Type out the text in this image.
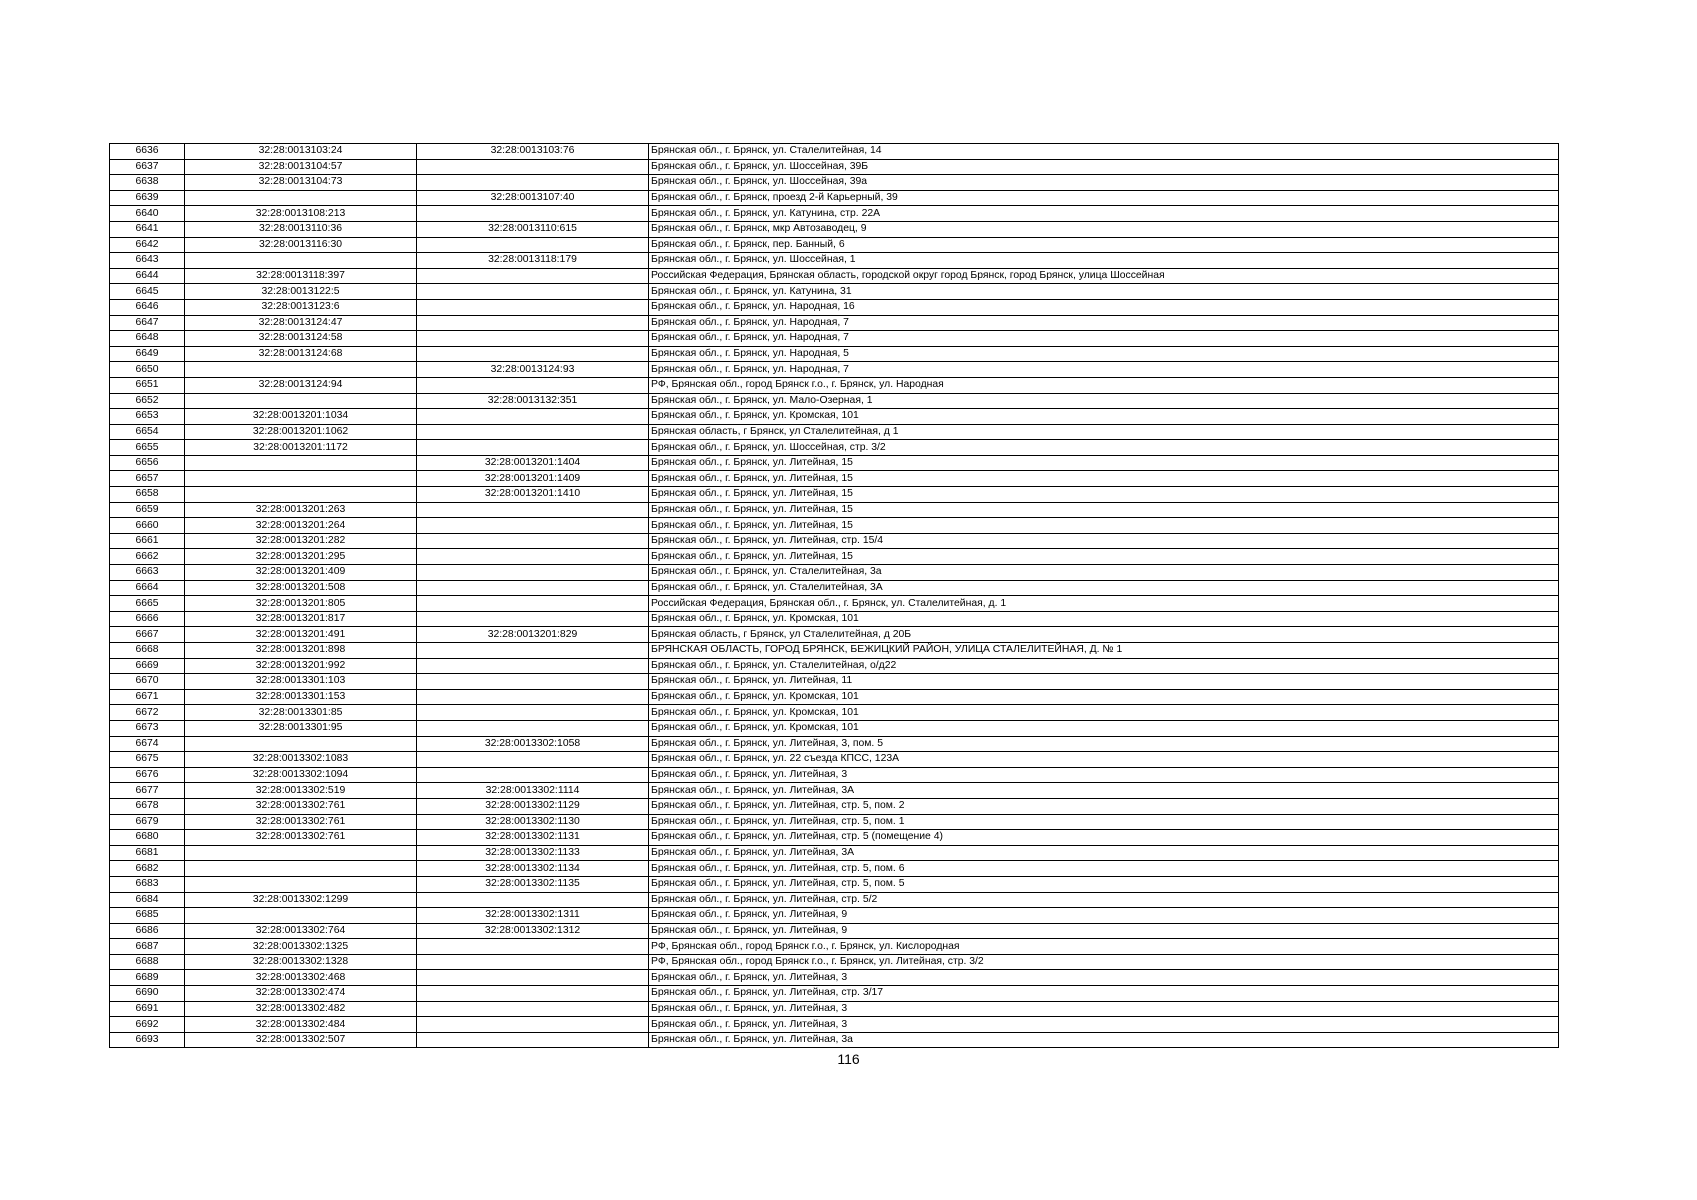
6636	32:28:0013103:24	32:28:0013103:76	Брянская обл., г. Брянск, ул. Сталелитейная, 14
6637	32:28:0013104:57		Брянская обл., г. Брянск, ул. Шоссейная, 39Б
6638	32:28:0013104:73		Брянская обл., г. Брянск, ул. Шоссейная, 39а
6639		32:28:0013107:40	Брянская обл., г. Брянск, проезд 2-й Карьерный, 39
6640	32:28:0013108:213		Брянская обл., г. Брянск, ул. Катунина, стр. 22А
6641	32:28:0013110:36	32:28:0013110:615	Брянская обл., г. Брянск, мкр Автозаводец, 9
6642	32:28:0013116:30		Брянская обл., г. Брянск, пер. Банный, 6
6643		32:28:0013118:179	Брянская обл., г. Брянск, ул. Шоссейная, 1
6644	32:28:0013118:397		Российская Федерация, Брянская область, городской округ город Брянск, город Брянск, улица Шоссейная
6645	32:28:0013122:5		Брянская обл., г. Брянск, ул. Катунина, 31
6646	32:28:0013123:6		Брянская обл., г. Брянск, ул. Народная, 16
6647	32:28:0013124:47		Брянская обл., г. Брянск, ул. Народная, 7
6648	32:28:0013124:58		Брянская обл., г. Брянск, ул. Народная, 7
6649	32:28:0013124:68		Брянская обл., г. Брянск, ул. Народная, 5
6650		32:28:0013124:93	Брянская обл., г. Брянск, ул. Народная, 7
6651	32:28:0013124:94		РФ, Брянская обл., город Брянск г.о., г. Брянск, ул. Народная
6652		32:28:0013132:351	Брянская обл., г. Брянск, ул. Мало-Озерная, 1
6653	32:28:0013201:1034		Брянская обл., г. Брянск, ул. Кромская, 101
6654	32:28:0013201:1062		Брянская область, г Брянск, ул Сталелитейная, д 1
6655	32:28:0013201:1172		Брянская обл., г. Брянск, ул. Шоссейная, стр. 3/2
6656		32:28:0013201:1404	Брянская обл., г. Брянск, ул. Литейная, 15
6657		32:28:0013201:1409	Брянская обл., г. Брянск, ул. Литейная, 15
6658		32:28:0013201:1410	Брянская обл., г. Брянск, ул. Литейная, 15
6659	32:28:0013201:263		Брянская обл., г. Брянск, ул. Литейная, 15
6660	32:28:0013201:264		Брянская обл., г. Брянск, ул. Литейная, 15
6661	32:28:0013201:282		Брянская обл., г. Брянск, ул. Литейная, стр. 15/4
6662	32:28:0013201:295		Брянская обл., г. Брянск, ул. Литейная, 15
6663	32:28:0013201:409		Брянская обл., г. Брянск, ул. Сталелитейная, 3а
6664	32:28:0013201:508		Брянская обл., г. Брянск, ул. Сталелитейная, 3А
6665	32:28:0013201:805		Российская Федерация, Брянская обл., г. Брянск, ул. Сталелитейная, д. 1
6666	32:28:0013201:817		Брянская обл., г. Брянск, ул. Кромская, 101
6667	32:28:0013201:491	32:28:0013201:829	Брянская область, г Брянск, ул Сталелитейная, д 20Б
6668	32:28:0013201:898		БРЯНСКАЯ ОБЛАСТЬ, ГОРОД БРЯНСК, БЕЖИЦКИЙ РАЙОН, УЛИЦА СТАЛЕЛИТЕЙНАЯ, Д. № 1
6669	32:28:0013201:992		Брянская обл., г. Брянск, ул. Сталелитейная, о/д22
6670	32:28:0013301:103		Брянская обл., г. Брянск, ул. Литейная, 11
6671	32:28:0013301:153		Брянская обл., г. Брянск, ул. Кромская, 101
6672	32:28:0013301:85		Брянская обл., г. Брянск, ул. Кромская, 101
6673	32:28:0013301:95		Брянская обл., г. Брянск, ул. Кромская, 101
6674		32:28:0013302:1058	Брянская обл., г. Брянск, ул. Литейная, 3, пом. 5
6675	32:28:0013302:1083		Брянская обл., г. Брянск, ул. 22 съезда КПСС, 123А
6676	32:28:0013302:1094		Брянская обл., г. Брянск, ул. Литейная, 3
6677	32:28:0013302:519	32:28:0013302:1114	Брянская обл., г. Брянск, ул. Литейная, 3А
6678	32:28:0013302:761	32:28:0013302:1129	Брянская обл., г. Брянск, ул. Литейная, стр. 5, пом. 2
6679	32:28:0013302:761	32:28:0013302:1130	Брянская обл., г. Брянск, ул. Литейная, стр. 5, пом. 1
6680	32:28:0013302:761	32:28:0013302:1131	Брянская обл., г. Брянск, ул. Литейная, стр. 5 (помещение 4)
6681		32:28:0013302:1133	Брянская обл., г. Брянск, ул. Литейная, 3А
6682		32:28:0013302:1134	Брянская обл., г. Брянск, ул. Литейная, стр. 5, пом. 6
6683		32:28:0013302:1135	Брянская обл., г. Брянск, ул. Литейная, стр. 5, пом. 5
6684	32:28:0013302:1299		Брянская обл., г. Брянск, ул. Литейная, стр. 5/2
6685		32:28:0013302:1311	Брянская обл., г. Брянск, ул. Литейная, 9
6686	32:28:0013302:764	32:28:0013302:1312	Брянская обл., г. Брянск, ул. Литейная, 9
6687	32:28:0013302:1325		РФ, Брянская обл., город Брянск г.о., г. Брянск, ул. Кислородная
6688	32:28:0013302:1328		РФ, Брянская обл., город Брянск г.о., г. Брянск, ул. Литейная, стр. 3/2
6689	32:28:0013302:468		Брянская обл., г. Брянск, ул. Литейная, 3
6690	32:28:0013302:474		Брянская обл., г. Брянск, ул. Литейная, стр. 3/17
6691	32:28:0013302:482		Брянская обл., г. Брянск, ул. Литейная, 3
6692	32:28:0013302:484		Брянская обл., г. Брянск, ул. Литейная, 3
6693	32:28:0013302:507		Брянская обл., г. Брянск, ул. Литейная, 3а
116
